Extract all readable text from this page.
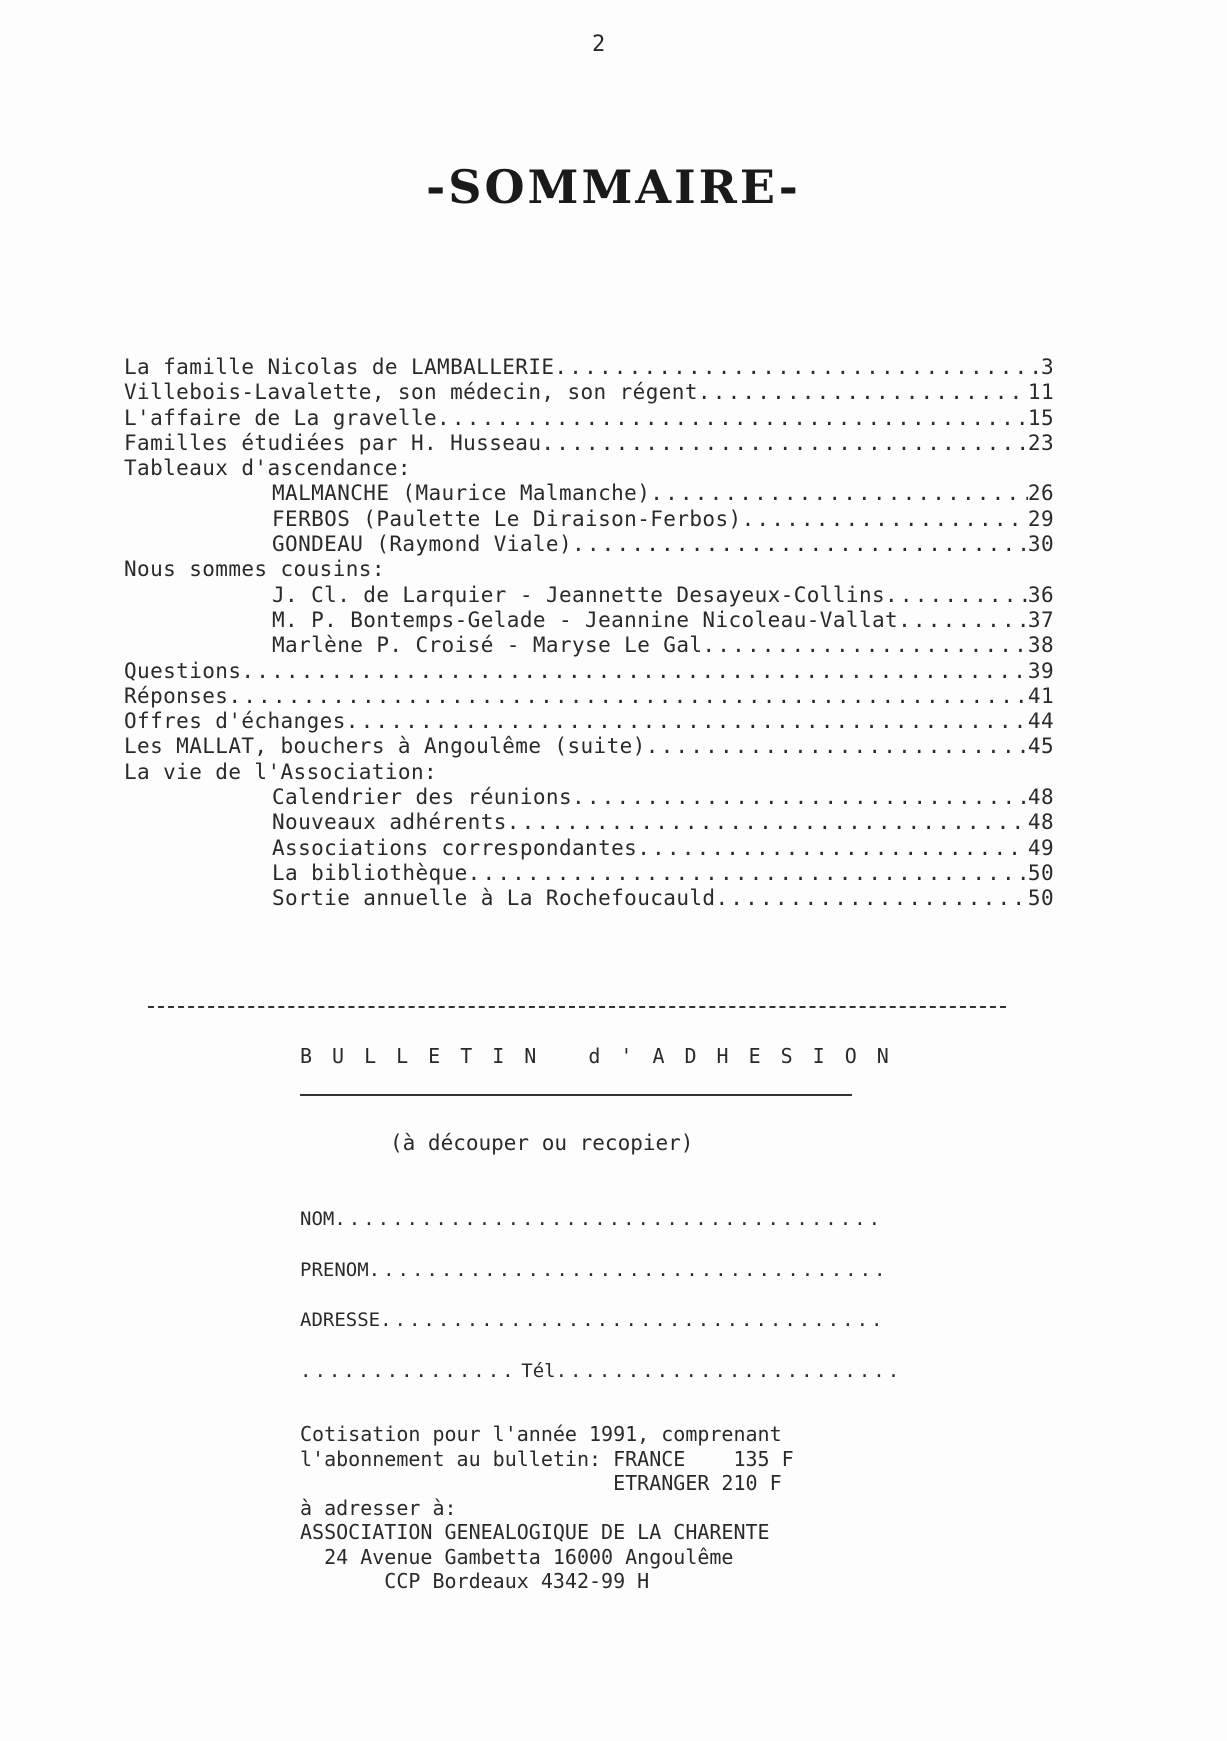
2
-SOMMAIRE-
La famille Nicolas de LAMBALLERIE .....	3
Villebois-Lavalette, son médecin, son régent .....	11
L'affaire de La gravelle .....	15
Familles étudiées par H. Husseau .....	23
Tableaux d'ascendance:
MALMANCHE (Maurice Malmanche) .....	26
FERBOS (Paulette Le Diraison-Ferbos) .....	29
GONDEAU (Raymond Viale) .....	30
Nous sommes cousins:
J. Cl. de Larquier - Jeannette Desayeux-Collins .....	36
M. P. Bontemps-Gelade - Jeannine Nicoleau-Vallat .....	37
Marlène P. Croisé - Maryse Le Gal .....	38
Questions .....	39
Réponses .....	41
Offres d'échanges .....	44
Les MALLAT, bouchers à Angoulême (suite) .....	45
La vie de l'Association:
Calendrier des réunions .....	48
Nouveaux adhérents .....	48
Associations correspondantes .....	49
La bibliothèque .....	50
Sortie annuelle à La Rochefoucauld .....	50
BULLETIN d'ADHESION
(à découper ou recopier)
NOM
.....
PRENOM
.....
ADRESSE
.....
.....
Tél
.....
Cotisation pour l'année 1991, comprenant
l'abonnement au bulletin: FRANCE    135 F
ETRANGER 210 F
à adresser à:
ASSOCIATION GENEALOGIQUE DE LA CHARENTE
24 Avenue Gambetta 16000 Angoulême
CCP Bordeaux 4342-99 H
